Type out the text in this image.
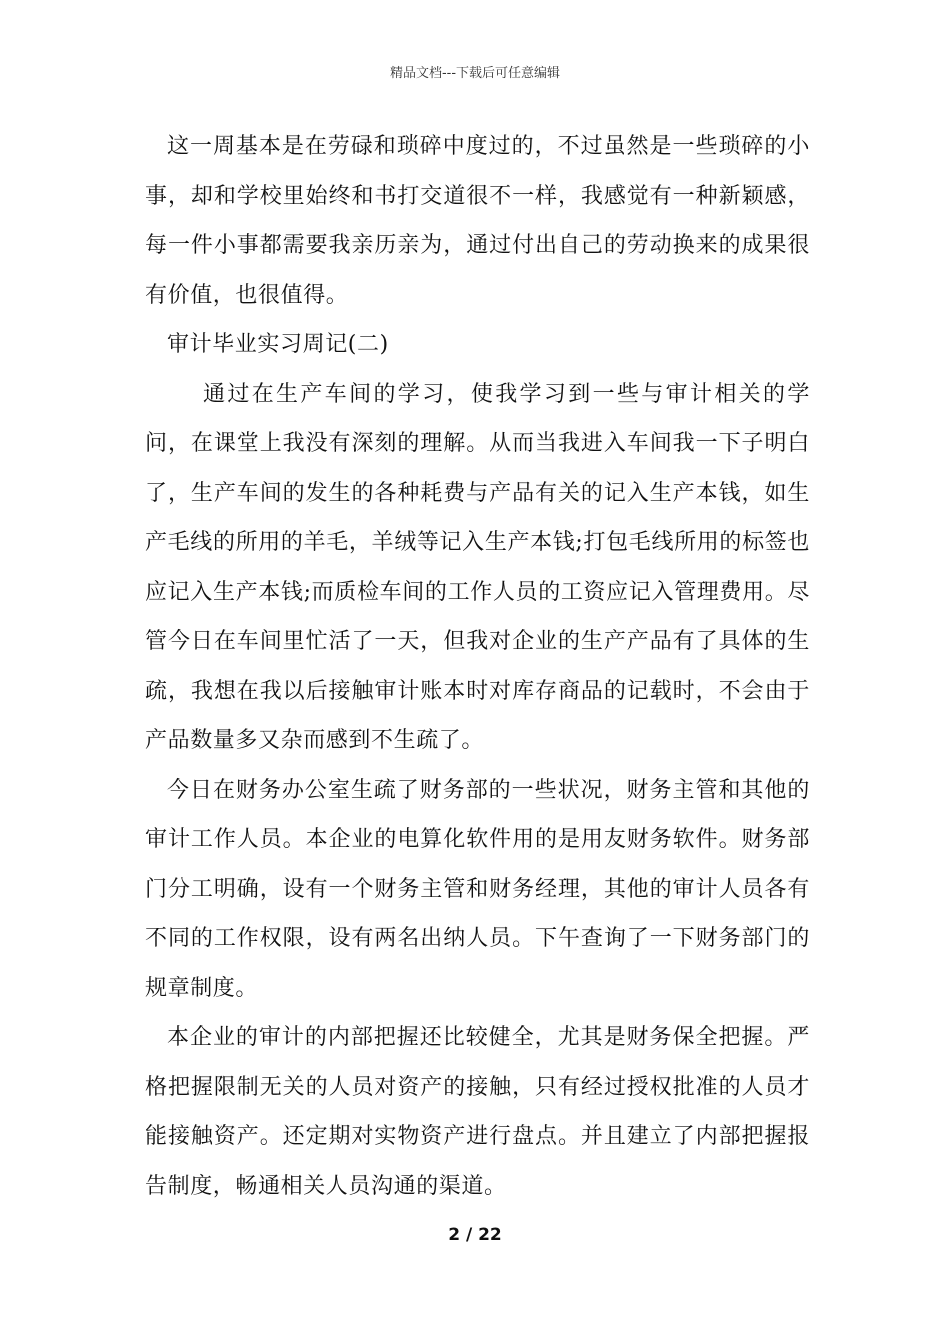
精品文档---下载后可任意编辑

这一周基本是在劳碌和琐碎中度过的，不过虽然是一些琐碎的小事，却和学校里始终和书打交道很不一样，我感觉有一种新颖感，每一件小事都需要我亲历亲为，通过付出自己的劳动换来的成果很有价值，也很值得。

审计毕业实习周记(二)

通过在生产车间的学习，使我学习到一些与审计相关的学问，在课堂上我没有深刻的理解。从而当我进入车间我一下子明白了，生产车间的发生的各种耗费与产品有关的记入生产本钱，如生产毛线的所用的羊毛，羊绒等记入生产本钱;打包毛线所用的标签也应记入生产本钱;而质检车间的工作人员的工资应记入管理费用。尽管今日在车间里忙活了一天，但我对企业的生产产品有了具体的生疏，我想在我以后接触审计账本时对库存商品的记载时，不会由于产品数量多又杂而感到不生疏了。

今日在财务办公室生疏了财务部的一些状况，财务主管和其他的审计工作人员。本企业的电算化软件用的是用友财务软件。财务部门分工明确，设有一个财务主管和财务经理，其他的审计人员各有不同的工作权限，设有两名出纳人员。下午查询了一下财务部门的规章制度。

本企业的审计的内部把握还比较健全，尤其是财务保全把握。严格把握限制无关的人员对资产的接触，只有经过授权批准的人员才能接触资产。还定期对实物资产进行盘点。并且建立了内部把握报告制度，畅通相关人员沟通的渠道。

2 / 22
